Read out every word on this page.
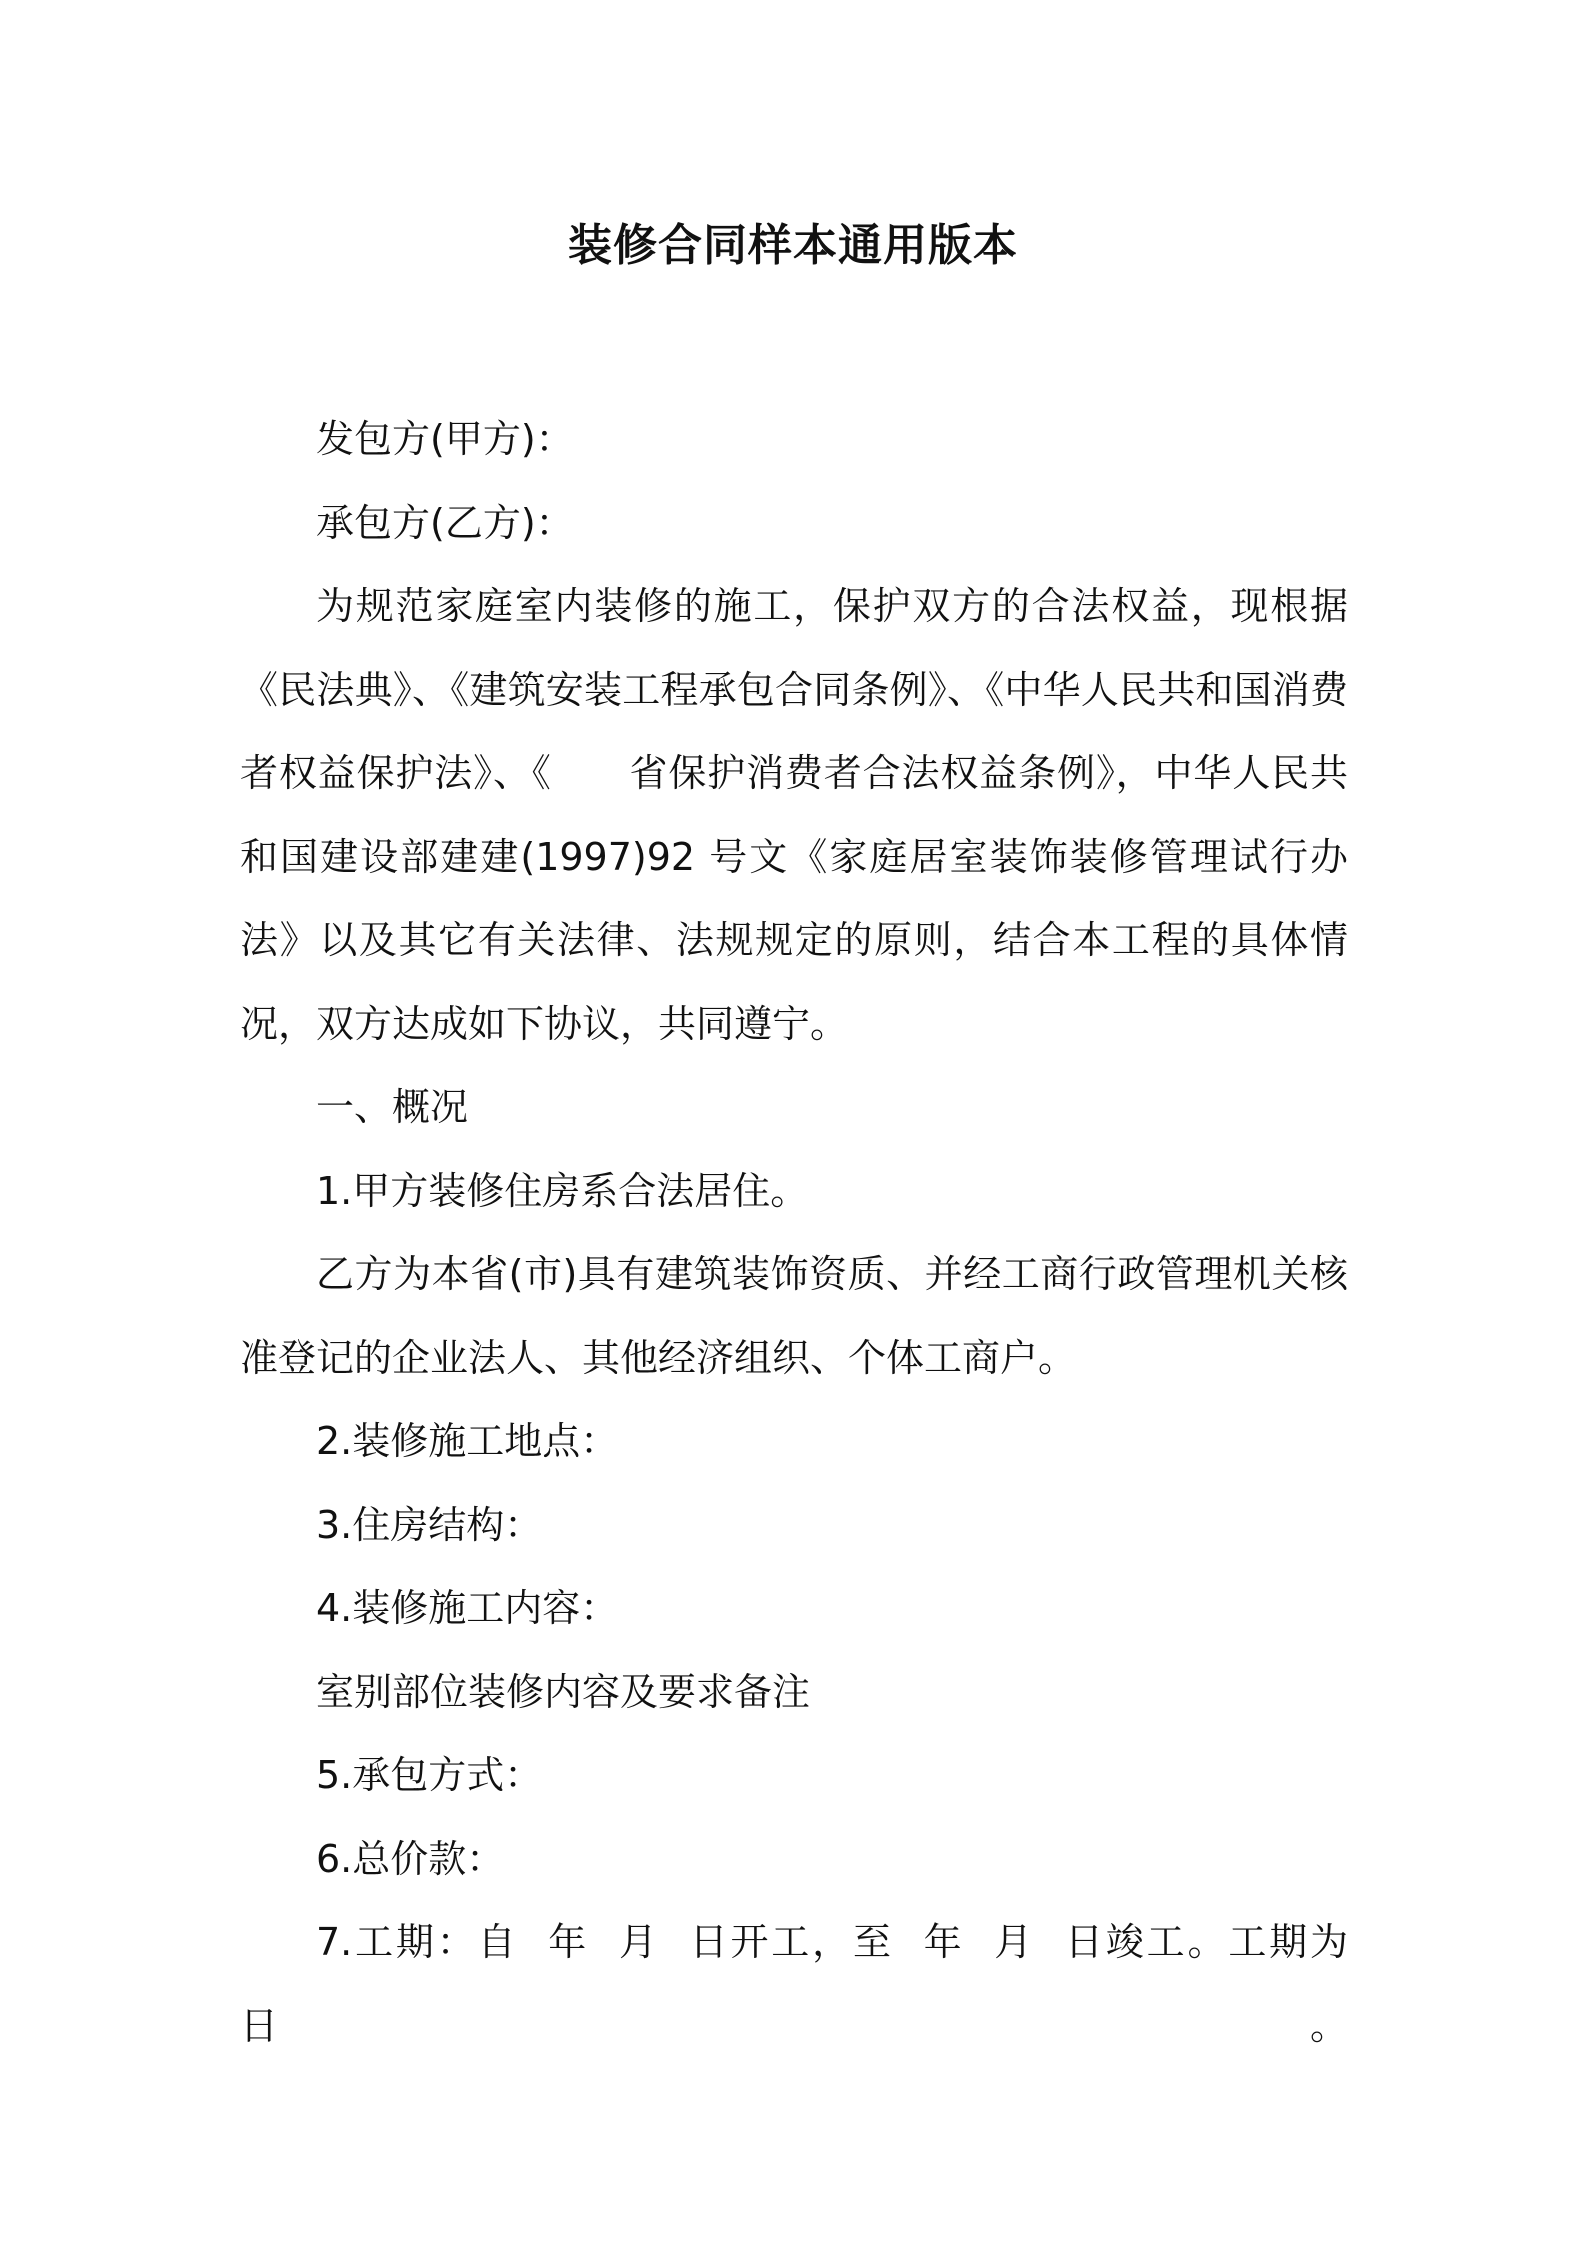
装修合同样本通用版本

发包方(甲方)：

承包方(乙方)：

为规范家庭室内装修的施工，保护双方的合法权益，现根据《民法典》、《建筑安装工程承包合同条例》、《中华人民共和国消费者权益保护法》、《　　省保护消费者合法权益条例》，中华人民共和国建设部建建(1997)92 号文《家庭居室装饰装修管理试行办法》以及其它有关法律、法规规定的原则，结合本工程的具体情况，双方达成如下协议，共同遵宁。

一、概况

1.甲方装修住房系合法居住。

乙方为本省(市)具有建筑装饰资质、并经工商行政管理机关核准登记的企业法人、其他经济组织、个体工商户。

2.装修施工地点：

3.住房结构：

4.装修施工内容：

室别部位装修内容及要求备注

5.承包方式：

6.总价款：

7.工期：自  年  月  日开工，至  年  月  日竣工。工期为  日。
